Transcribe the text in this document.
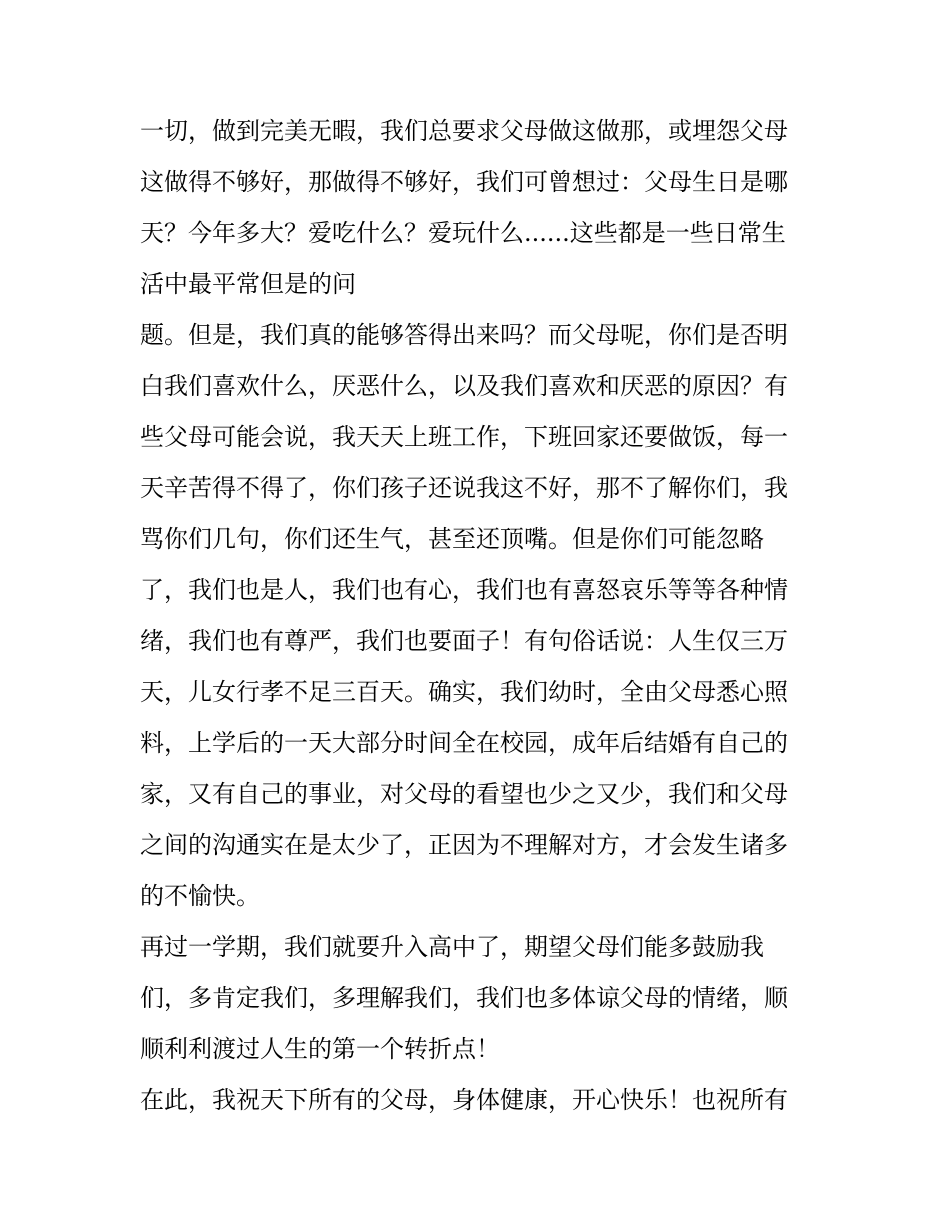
一切，做到完美无暇，我们总要求父母做这做那，或埋怨父母
这做得不够好，那做得不够好，我们可曾想过：父母生日是哪
天？今年多大？爱吃什么？爱玩什么......这些都是一些日常生
活中最平常但是的问
题。但是，我们真的能够答得出来吗？而父母呢，你们是否明
白我们喜欢什么，厌恶什么，以及我们喜欢和厌恶的原因？有
些父母可能会说，我天天上班工作，下班回家还要做饭，每一
天辛苦得不得了，你们孩子还说我这不好，那不了解你们，我
骂你们几句，你们还生气，甚至还顶嘴。但是你们可能忽略
了，我们也是人，我们也有心，我们也有喜怒哀乐等等各种情
绪，我们也有尊严，我们也要面子！有句俗话说：人生仅三万
天，儿女行孝不足三百天。确实，我们幼时，全由父母悉心照
料，上学后的一天大部分时间全在校园，成年后结婚有自己的
家，又有自己的事业，对父母的看望也少之又少，我们和父母
之间的沟通实在是太少了，正因为不理解对方，才会发生诸多
的不愉快。
再过一学期，我们就要升入高中了，期望父母们能多鼓励我
们，多肯定我们，多理解我们，我们也多体谅父母的情绪，顺
顺利利渡过人生的第一个转折点！
在此，我祝天下所有的父母，身体健康，开心快乐！也祝所有
